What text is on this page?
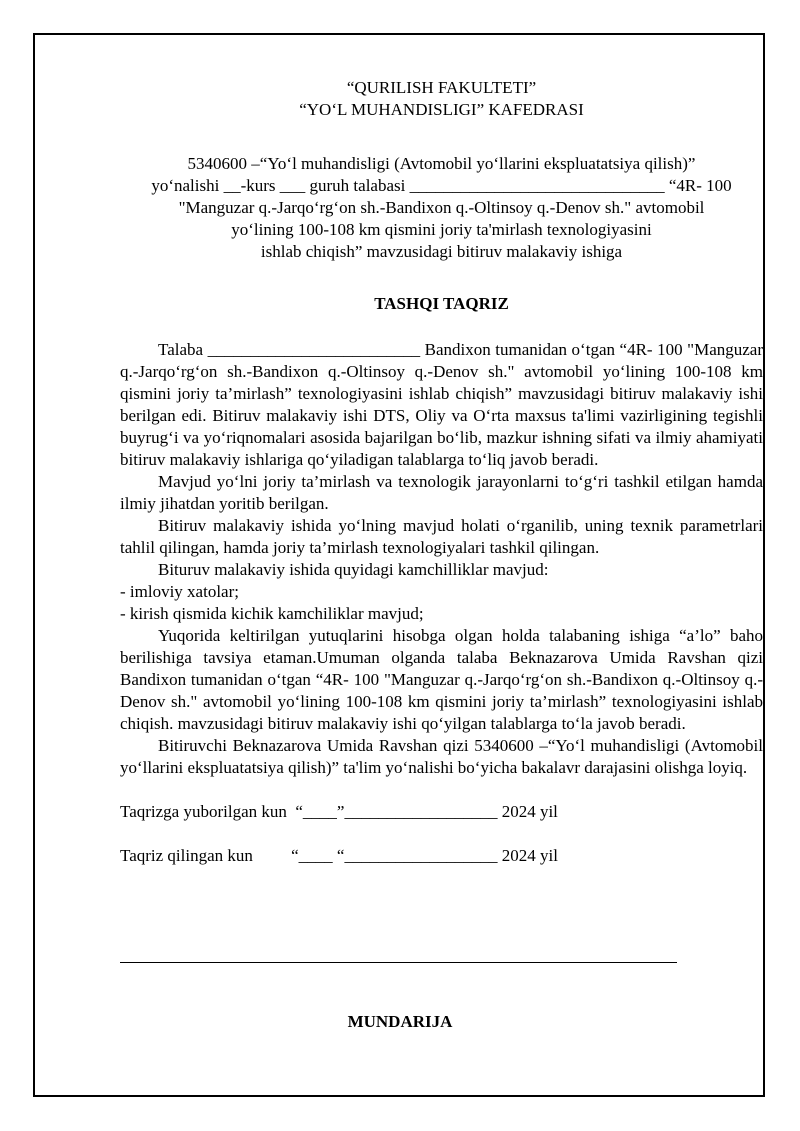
“QURILISH FAKULTETI”

“YO‘L MUHANDISLIGI” KAFEDRASI

5340600 –“Yo‘l muhandisligi (Avtomobil yo‘llarini ekspluatatsiya qilish)”

yo‘nalishi __-kurs ___ guruh talabasi ______________________________ “4R- 100

"Manguzar q.-Jarqo‘rg‘on sh.-Bandixon q.-Oltinsoy q.-Denov sh." avtomobil

yo‘lining 100-108 km qismini joriy ta'mirlash texnologiyasini

ishlab chiqish” mavzusidagi bitiruv malakaviy ishiga

TASHQI TAQRIZ

Talaba _________________________ Bandixon tumanidan o‘tgan “4R- 100 "Manguzar q.-Jarqo‘rg‘on sh.-Bandixon q.-Oltinsoy q.-Denov sh." avtomobil yo‘lining 100-108 km qismini joriy ta’mirlash” texnologiyasini ishlab chiqish” mavzusidagi bitiruv malakaviy ishi berilgan edi. Bitiruv malakaviy ishi DTS, Oliy va O‘rta maxsus ta'limi vazirligining tegishli buyrug‘i va yo‘riqnomalari asosida bajarilgan bo‘lib, mazkur ishning sifati va ilmiy ahamiyati bitiruv malakaviy ishlariga qo‘yiladigan talablarga to‘liq javob beradi.

Mavjud yo‘lni joriy ta’mirlash va texnologik jarayonlarni to‘g‘ri tashkil etilgan hamda ilmiy jihatdan yoritib berilgan.

Bitiruv malakaviy ishida yo‘lning mavjud holati o‘rganilib, uning texnik parametrlari tahlil qilingan, hamda joriy ta’mirlash texnologiyalari tashkil qilingan.

Bituruv malakaviy ishida quyidagi kamchilliklar mavjud:

- imloviy xatolar;

- kirish qismida kichik kamchiliklar mavjud;

Yuqorida keltirilgan yutuqlarini hisobga olgan holda talabaning ishiga “a’lo” baho berilishiga tavsiya etaman.Umuman olganda talaba Beknazarova Umida Ravshan qizi Bandixon tumanidan o‘tgan “4R- 100 "Manguzar q.-Jarqo‘rg‘on sh.-Bandixon q.-Oltinsoy q.-Denov sh." avtomobil yo‘lining 100-108 km qismini joriy ta’mirlash” texnologiyasini ishlab chiqish. mavzusidagi bitiruv malakaviy ishi qo‘yilgan talablarga to‘la javob beradi.

Bitiruvchi Beknazarova Umida Ravshan qizi 5340600 –“Yo‘l muhandisligi (Avtomobil yo‘llarini ekspluatatsiya qilish)” ta'lim yo‘nalishi bo‘yicha bakalavr darajasini olishga loyiq.

Taqrizga yuborilgan kun  “____”__________________ 2024 yil

Taqriz qilingan kun         “____ “__________________ 2024 yil

MUNDARIJA
